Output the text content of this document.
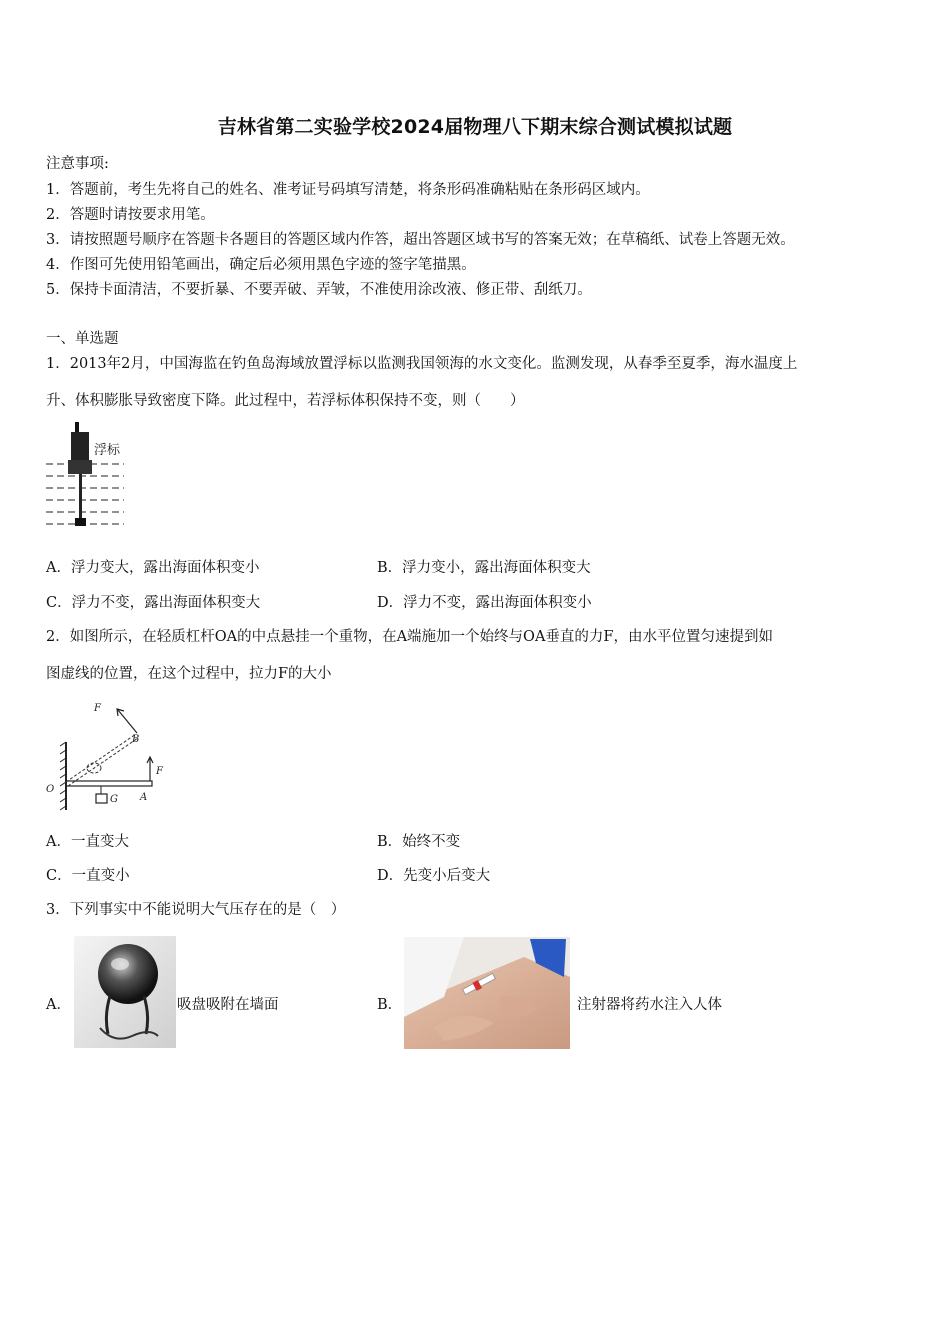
吉林省第二实验学校2024届物理八下期末综合测试模拟试题
注意事项:
1．答题前，考生先将自己的姓名、准考证号码填写清楚，将条形码准确粘贴在条形码区域内。
2．答题时请按要求用笔。
3．请按照题号顺序在答题卡各题目的答题区域内作答，超出答题区域书写的答案无效；在草稿纸、试卷上答题无效。
4．作图可先使用铅笔画出，确定后必须用黑色字迹的签字笔描黑。
5．保持卡面清洁，不要折暴、不要弄破、弄皱，不准使用涂改液、修正带、刮纸刀。
一、单选题
1．2013年2月，中国海监在钓鱼岛海域放置浮标以监测我国领海的水文变化。监测发现，从春季至夏季，海水温度上
升、体积膨胀导致密度下降。此过程中，若浮标体积保持不变，则（　　）
浮标
A．浮力变大，露出海面体积变小	B．浮力变小，露出海面体积变大
C．浮力不变，露出海面体积变大	D．浮力不变，露出海面体积变小
2．如图所示，在轻质杠杆OA的中点悬挂一个重物，在A端施加一个始终与OA垂直的力F，由水平位置匀速提到如
图虚线的位置，在这个过程中，拉力F的大小
F
B
F
O
G A
A．一直变大	B．始终不变
C．一直变小	D．先变小后变大
3．下列事实中不能说明大气压存在的是（　）
A．	吸盘吸附在墙面	B．	注射器将药水注入人体
